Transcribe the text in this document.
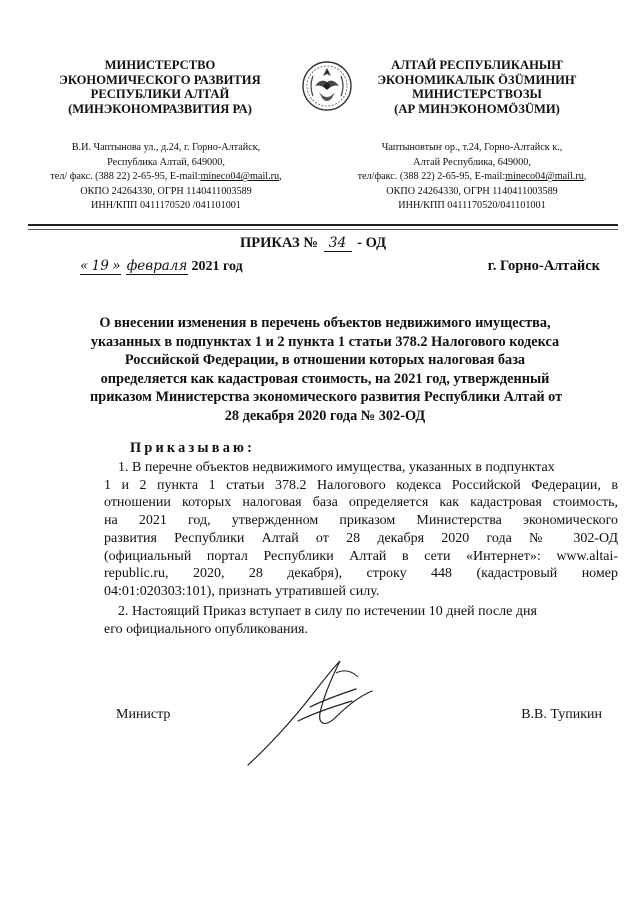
МИНИСТЕРСТВО
ЭКОНОМИЧЕСКОГО РАЗВИТИЯ
РЕСПУБЛИКИ АЛТАЙ
(МИНЭКОНОМРАЗВИТИЯ РА)
АЛТАЙ РЕСПУБЛИКАНЫҤ
ЭКОНОМИКАЛЫК ÖЗÜМИНИҤ
МИНИСТЕРСТВОЗЫ
(АР МИНЭКОНОМÖЗÜМИ)
В.И. Чаптынова ул., д.24, г. Горно-Алтайск,
Республика Алтай, 649000,
тел/ факс. (388 22) 2-65-95, E-mail:mineco04@mail.ru,
ОКПО 24264330, ОГРН 1140411003589
ИНН/КПП 0411170520 /041101001
Чаптыновтыҥ ор., т.24, Горно-Алтайск к.,
Алтай Республика, 649000,
тел/факс. (388 22) 2-65-95, E-mail:mineco04@mail.ru,
ОКПО 24264330, ОГРН 1140411003589
ИНН/КПП 0411170520/041101001
ПРИКАЗ № 34 - ОД
« 19 » февраля 2021 год	г. Горно-Алтайск
О внесении изменения в перечень объектов недвижимого имущества,
указанных в подпунктах 1 и 2 пункта 1 статьи 378.2 Налогового кодекса
Российской Федерации, в отношении которых налоговая база
определяется как кадастровая стоимость, на 2021 год, утвержденный
приказом Министерства экономического развития Республики Алтай от
28 декабря 2020 года № 302-ОД
Приказываю:
1. В перечне объектов недвижимого имущества, указанных в подпунктах
1 и 2 пункта 1 статьи 378.2 Налогового кодекса Российской Федерации, в
отношении которых налоговая база определяется как кадастровая стоимость,
на 2021 год, утвержденном приказом Министерства экономического
развития Республики Алтай от 28 декабря 2020 года № 302-ОД
(официальный портал Республики Алтай в сети «Интернет»: www.altai-
republic.ru, 2020, 28 декабря), строку 448 (кадастровый номер
04:01:020303:101), признать утратившей силу.
2. Настоящий Приказ вступает в силу по истечении 10 дней после дня
его официального опубликования.
Министр	В.В. Тупикин
